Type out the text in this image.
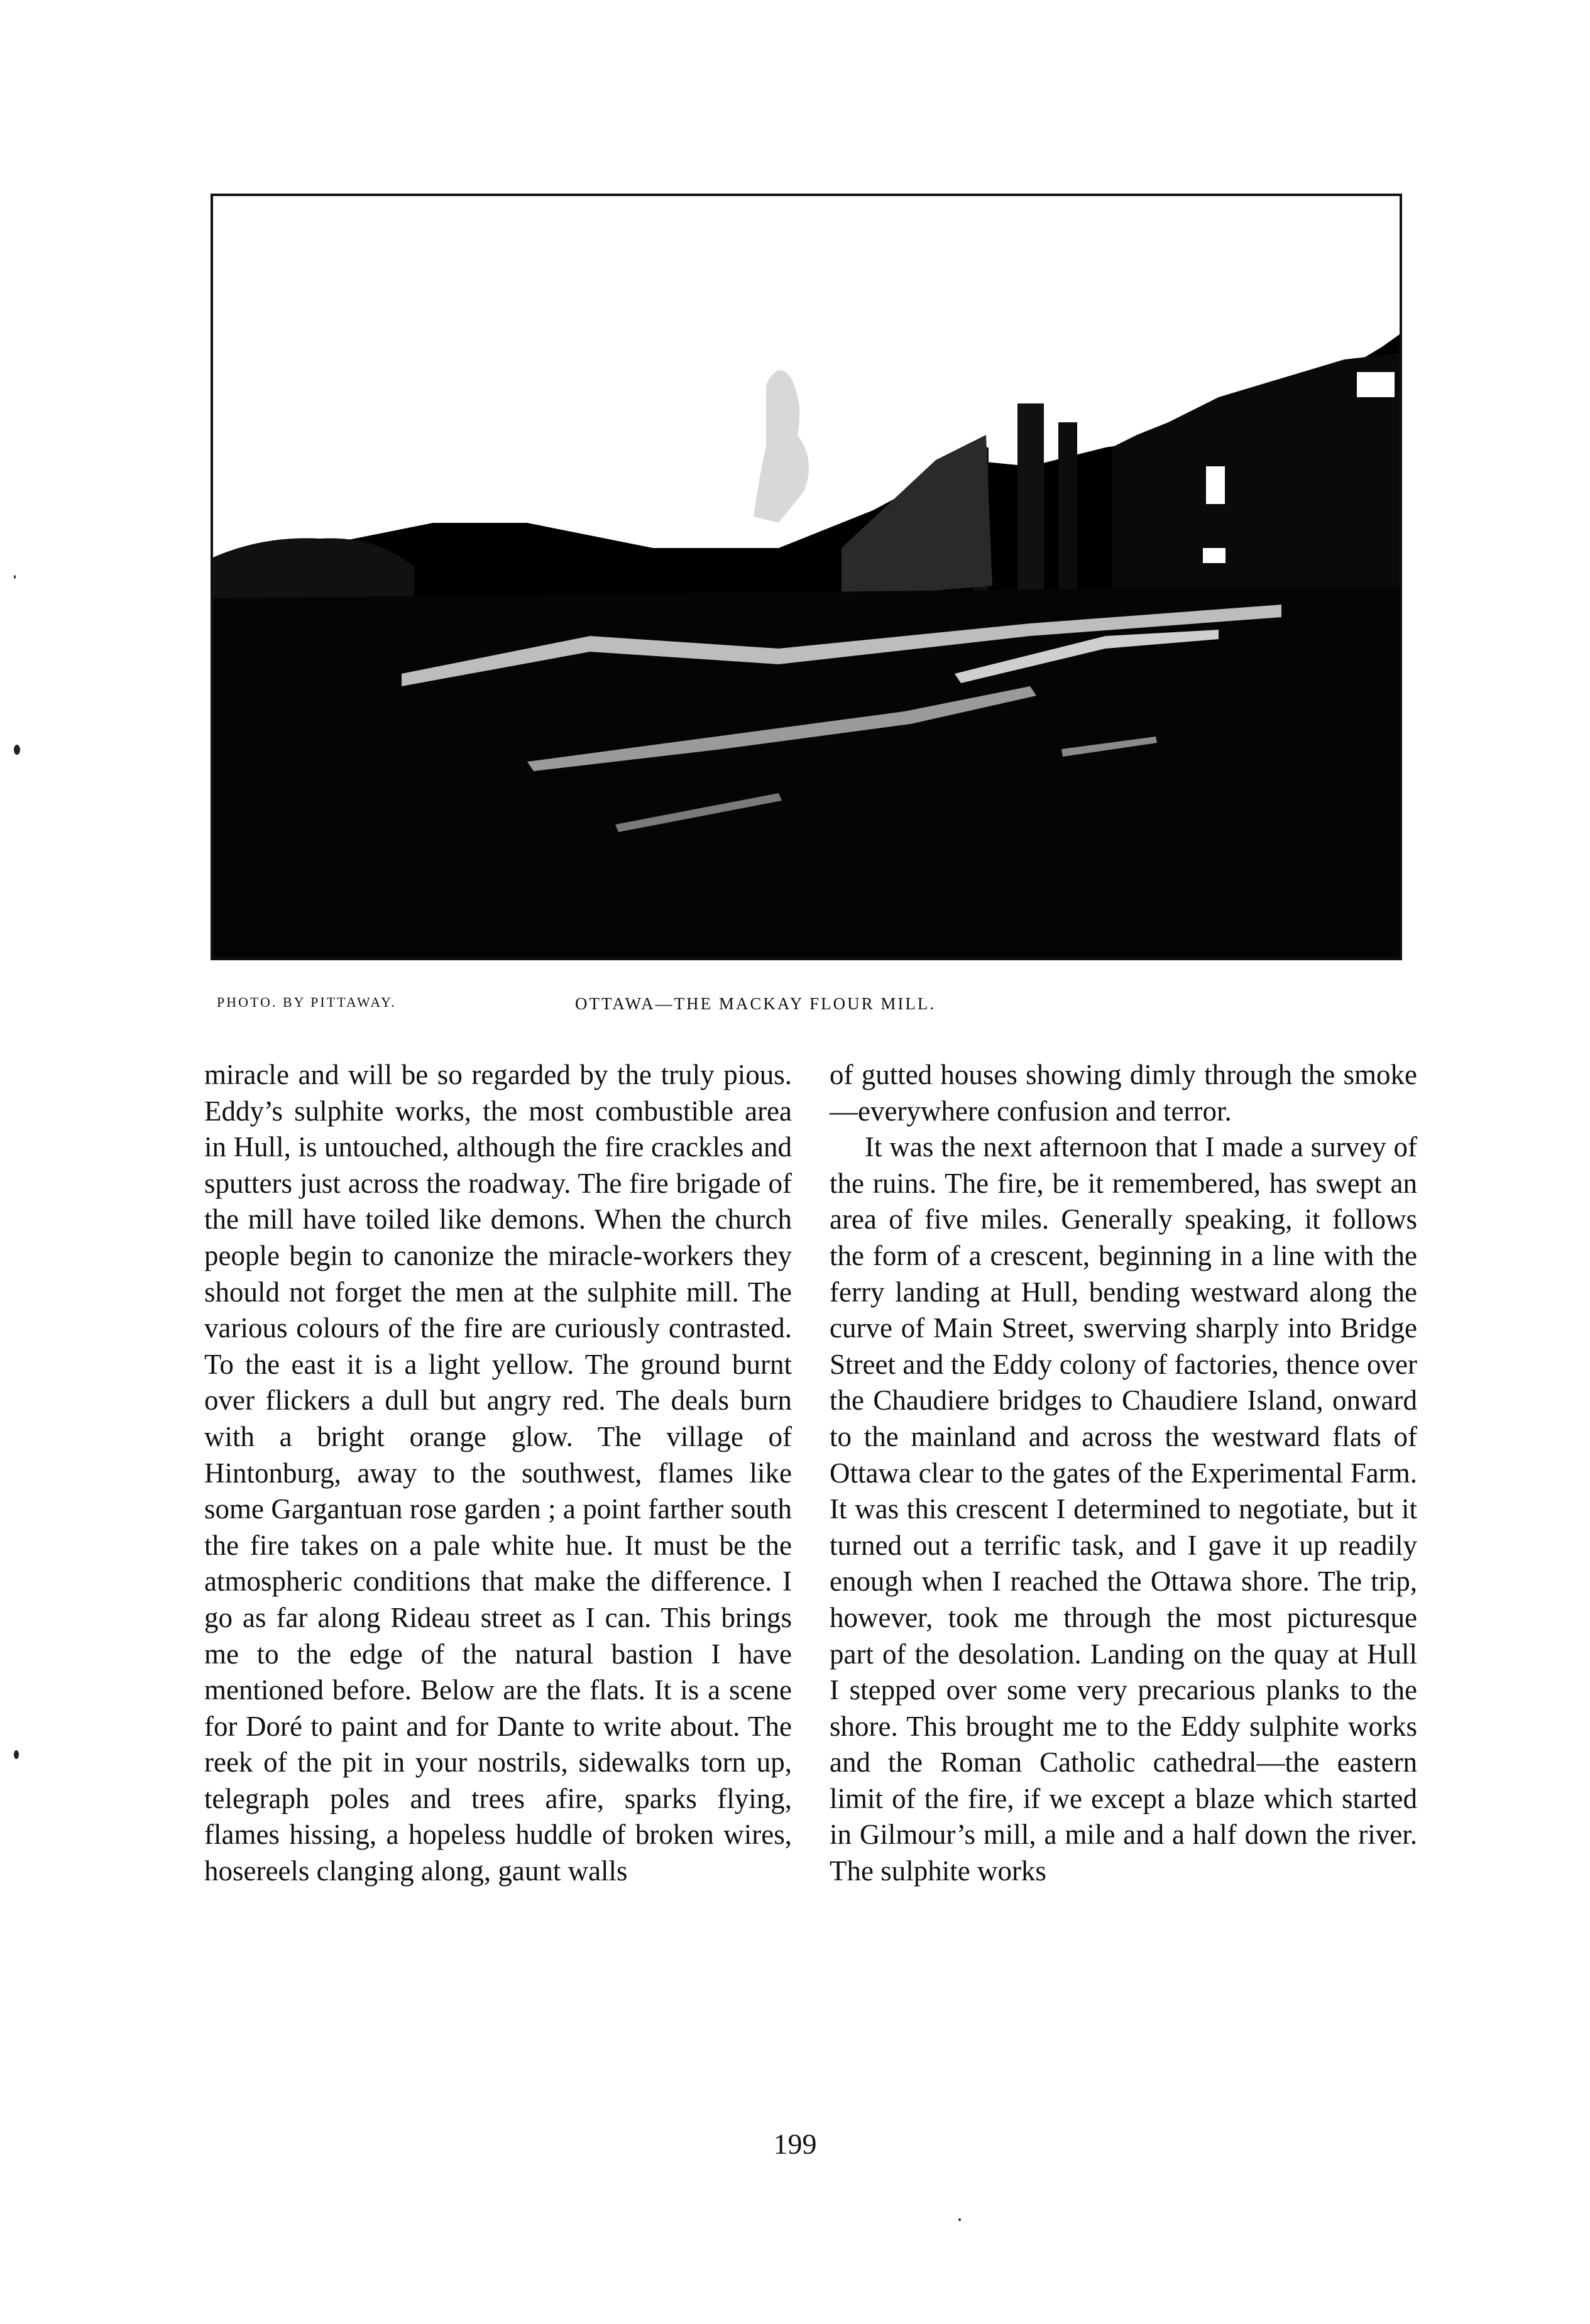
PHOTO. BY PITTAWAY.	OTTAWA—THE MACKAY FLOUR MILL.

miracle and will be so regarded by the truly pious. Eddy’s sulphite works, the most combustible area in Hull, is untouched, although the fire crackles and sputters just across the roadway. The fire brigade of the mill have toiled like demons. When the church people begin to canonize the miracle-workers they should not forget the men at the sulphite mill. The various colours of the fire are curiously contrasted. To the east it is a light yellow. The ground burnt over flickers a dull but angry red. The deals burn with a bright orange glow. The village of Hintonburg, away to the southwest, flames like some Gargantuan rose garden ; a point farther south the fire takes on a pale white hue. It must be the atmospheric conditions that make the difference. I go as far along Rideau street as I can. This brings me to the edge of the natural bastion I have mentioned before. Below are the flats. It is a scene for Doré to paint and for Dante to write about. The reek of the pit in your nostrils, sidewalks torn up, telegraph poles and trees afire, sparks flying, flames hissing, a hopeless huddle of broken wires, hosereels clanging along, gaunt walls

of gutted houses showing dimly through the smoke—everywhere confusion and terror.

It was the next afternoon that I made a survey of the ruins. The fire, be it remembered, has swept an area of five miles. Generally speaking, it follows the form of a crescent, beginning in a line with the ferry landing at Hull, bending westward along the curve of Main Street, swerving sharply into Bridge Street and the Eddy colony of factories, thence over the Chaudiere bridges to Chaudiere Island, onward to the mainland and across the westward flats of Ottawa clear to the gates of the Experimental Farm. It was this crescent I determined to negotiate, but it turned out a terrific task, and I gave it up readily enough when I reached the Ottawa shore. The trip, however, took me through the most picturesque part of the desolation. Landing on the quay at Hull I stepped over some very precarious planks to the shore. This brought me to the Eddy sulphite works and the Roman Catholic cathedral—the eastern limit of the fire, if we except a blaze which started in Gilmour’s mill, a mile and a half down the river. The sulphite works

199
